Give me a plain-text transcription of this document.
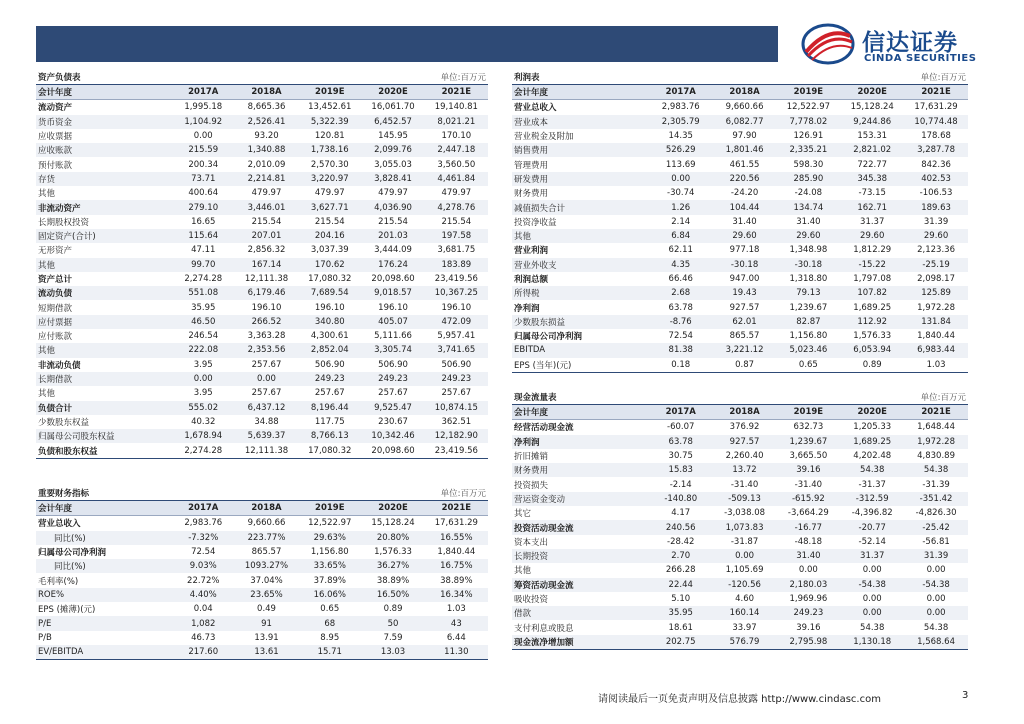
信达证券
CINDA SECURITIES
资产负债表	单位:百万元
会计年度	2017A	2018A	2019E	2020E	2021E
流动资产	1,995.18	8,665.36	13,452.61	16,061.70	19,140.81
货币资金	1,104.92	2,526.41	5,322.39	6,452.57	8,021.21
应收票据	0.00	93.20	120.81	145.95	170.10
应收账款	215.59	1,340.88	1,738.16	2,099.76	2,447.18
预付账款	200.34	2,010.09	2,570.30	3,055.03	3,560.50
存货	73.71	2,214.81	3,220.97	3,828.41	4,461.84
其他	400.64	479.97	479.97	479.97	479.97
非流动资产	279.10	3,446.01	3,627.71	4,036.90	4,278.76
长期股权投资	16.65	215.54	215.54	215.54	215.54
固定资产(合计)	115.64	207.01	204.16	201.03	197.58
无形资产	47.11	2,856.32	3,037.39	3,444.09	3,681.75
其他	99.70	167.14	170.62	176.24	183.89
资产总计	2,274.28	12,111.38	17,080.32	20,098.60	23,419.56
流动负债	551.08	6,179.46	7,689.54	9,018.57	10,367.25
短期借款	35.95	196.10	196.10	196.10	196.10
应付票据	46.50	266.52	340.80	405.07	472.09
应付账款	246.54	3,363.28	4,300.61	5,111.66	5,957.41
其他	222.08	2,353.56	2,852.04	3,305.74	3,741.65
非流动负债	3.95	257.67	506.90	506.90	506.90
长期借款	0.00	0.00	249.23	249.23	249.23
其他	3.95	257.67	257.67	257.67	257.67
负债合计	555.02	6,437.12	8,196.44	9,525.47	10,874.15
少数股东权益	40.32	34.88	117.75	230.67	362.51
归属母公司股东权益	1,678.94	5,639.37	8,766.13	10,342.46	12,182.90
负债和股东权益	2,274.28	12,111.38	17,080.32	20,098.60	23,419.56
重要财务指标	单位:百万元
会计年度	2017A	2018A	2019E	2020E	2021E
营业总收入	2,983.76	9,660.66	12,522.97	15,128.24	17,631.29
同比(%)	-7.32%	223.77%	29.63%	20.80%	16.55%
归属母公司净利润	72.54	865.57	1,156.80	1,576.33	1,840.44
同比(%)	9.03%	1093.27%	33.65%	36.27%	16.75%
毛利率(%)	22.72%	37.04%	37.89%	38.89%	38.89%
ROE%	4.40%	23.65%	16.06%	16.50%	16.34%
EPS (摊薄)(元)	0.04	0.49	0.65	0.89	1.03
P/E	1,082	91	68	50	43
P/B	46.73	13.91	8.95	7.59	6.44
EV/EBITDA	217.60	13.61	15.71	13.03	11.30
利润表	单位:百万元
会计年度	2017A	2018A	2019E	2020E	2021E
营业总收入	2,983.76	9,660.66	12,522.97	15,128.24	17,631.29
营业成本	2,305.79	6,082.77	7,778.02	9,244.86	10,774.48
营业税金及附加	14.35	97.90	126.91	153.31	178.68
销售费用	526.29	1,801.46	2,335.21	2,821.02	3,287.78
管理费用	113.69	461.55	598.30	722.77	842.36
研发费用	0.00	220.56	285.90	345.38	402.53
财务费用	-30.74	-24.20	-24.08	-73.15	-106.53
减值损失合计	1.26	104.44	134.74	162.71	189.63
投资净收益	2.14	31.40	31.40	31.37	31.39
其他	6.84	29.60	29.60	29.60	29.60
营业利润	62.11	977.18	1,348.98	1,812.29	2,123.36
营业外收支	4.35	-30.18	-30.18	-15.22	-25.19
利润总额	66.46	947.00	1,318.80	1,797.08	2,098.17
所得税	2.68	19.43	79.13	107.82	125.89
净利润	63.78	927.57	1,239.67	1,689.25	1,972.28
少数股东损益	-8.76	62.01	82.87	112.92	131.84
归属母公司净利润	72.54	865.57	1,156.80	1,576.33	1,840.44
EBITDA	81.38	3,221.12	5,023.46	6,053.94	6,983.44
EPS (当年)(元)	0.18	0.87	0.65	0.89	1.03
现金流量表	单位:百万元
会计年度	2017A	2018A	2019E	2020E	2021E
经营活动现金流	-60.07	376.92	632.73	1,205.33	1,648.44
净利润	63.78	927.57	1,239.67	1,689.25	1,972.28
折旧摊销	30.75	2,260.40	3,665.50	4,202.48	4,830.89
财务费用	15.83	13.72	39.16	54.38	54.38
投资损失	-2.14	-31.40	-31.40	-31.37	-31.39
营运资金变动	-140.80	-509.13	-615.92	-312.59	-351.42
其它	4.17	-3,038.08	-3,664.29	-4,396.82	-4,826.30
投资活动现金流	240.56	1,073.83	-16.77	-20.77	-25.42
资本支出	-28.42	-31.87	-48.18	-52.14	-56.81
长期投资	2.70	0.00	31.40	31.37	31.39
其他	266.28	1,105.69	0.00	0.00	0.00
筹资活动现金流	22.44	-120.56	2,180.03	-54.38	-54.38
吸收投资	5.10	4.60	1,969.96	0.00	0.00
借款	35.95	160.14	249.23	0.00	0.00
支付利息或股息	18.61	33.97	39.16	54.38	54.38
现金流净增加额	202.75	576.79	2,795.98	1,130.18	1,568.64
请阅读最后一页免责声明及信息披露 http://www.cindasc.com	3
